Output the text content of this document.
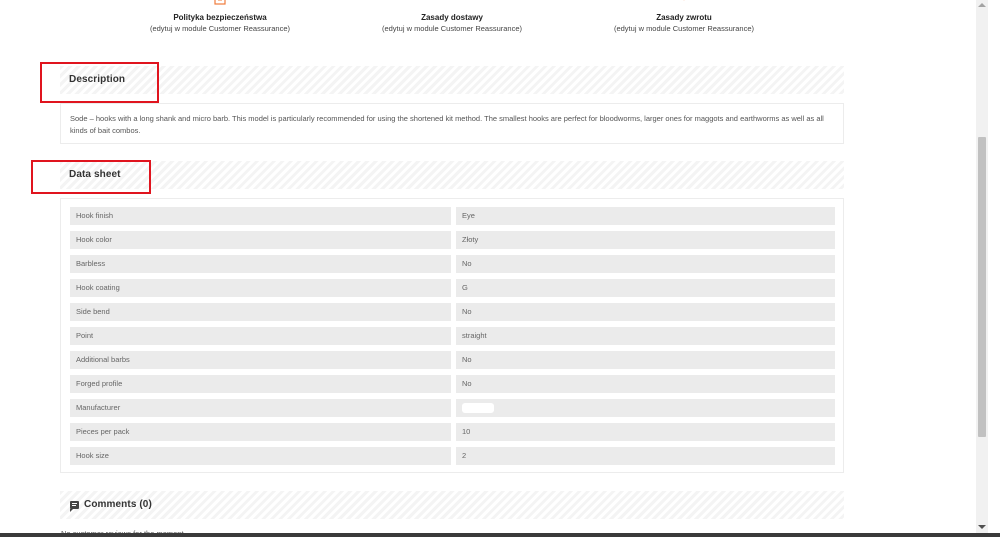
Polityka bezpieczeństwa
(edytuj w module Customer Reassurance)
Zasady dostawy
(edytuj w module Customer Reassurance)
Zasady zwrotu
(edytuj w module Customer Reassurance)
Description

Sode – hooks with a long shank and micro barb. This model is particularly recommended for using the shortened kit method. The smallest hooks are perfect for bloodworms, larger ones for maggots and earthworms as well as all kinds of bait combos.

Data sheet
Hook finish	Eye
Hook color	Złoty
Barbless	No
Hook coating	G
Side bend	No
Point	straight
Additional barbs	No
Forged profile	No
Manufacturer
Pieces per pack	10
Hook size	2
Comments (0)
